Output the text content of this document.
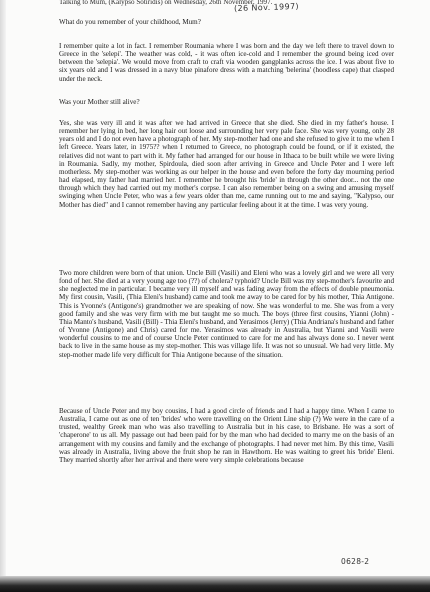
Talking to Mum, (Kalypso Sotiridis) on Wednesday, 26th November, 1997.
(26 Nov. 1997)
What do you remember of your childhood, Mum?

I remember quite a lot in fact. I remember Roumania where I was born and the day we left there to travel down to Greece in the 'selepi'. The weather was cold, - it was often ice-cold and I remember the ground being iced over between the 'selepia'. We would move from craft to craft via wooden gangplanks across the ice. I was about five to six years old and I was dressed in a navy blue pinafore dress with a matching 'belerina' (hoodless cape) that clasped under the neck.

Was your Mother still alive?

Yes, she was very ill and it was after we had arrived in Greece that she died. She died in my father's house. I remember her lying in bed, her long hair out loose and surrounding her very pale face. She was very young, only 28 years old and I do not even have a photograph of her. My step-mother had one and she refused to give it to me when I left Greece. Years later, in 1975?? when I returned to Greece, no photograph could be found, or if it existed, the relatives did not want to part with it. My father had arranged for our house in Ithaca to be built while we were living in Roumania. Sadly, my mother, Spirdoula, died soon after arriving in Greece and Uncle Peter and I were left motherless. My step-mother was working as our helper in the house and even before the forty day mourning period had elapsed, my father had married her. I remember he brought his 'bride' in through the other door... not the one through which they had carried out my mother's corpse. I can also remember being on a swing and amusing myself swinging when Uncle Peter, who was a few years older than me, came running out to me and saying, "Kalypso, our Mother has died" and I cannot remember having any particular feeling about it at the time. I was very young.

Two more children were born of that union. Uncle Bill (Vasili) and Eleni who was a lovely girl and we were all very fond of her. She died at a very young age too (??) of cholera? typhoid? Uncle Bill was my step-mother's favourite and she neglected me in particular. I became very ill myself and was fading away from the effects of double pneumonia. My first cousin, Vasili, (Thia Eleni's husband) came and took me away to be cared for by his mother, Thia Antigone. This is Yvonne's (Antigone's) grandmother we are speaking of now. She was wonderful to me. She was from a very good family and she was very firm with me but taught me so much. The boys (three first cousins, Yianni (John) - Thia Manto's husband, Vasili (Bill) - Thia Eleni's husband, and Yerasimos (Jerry) (Thia Andriana's husband and father of Yvonne (Antigone) and Chris) cared for me. Yerasimos was already in Australia, but Yianni and Vasili were wonderful cousins to me and of course Uncle Peter continued to care for me and has always done so. I never went back to live in the same house as my step-mother. This was village life. It was not so unusual. We had very little. My step-mother made life very difficult for Thia Antigone because of the situation.

Because of Uncle Peter and my boy cousins, I had a good circle of friends and I had a happy time. When I came to Australia, I came out as one of ten 'brides' who were travelling on the Orient Line ship (?) We were in the care of a trusted, wealthy Greek man who was also travelling to Australia but in his case, to Brisbane. He was a sort of 'chaperone' to us all. My passage out had been paid for by the man who had decided to marry me on the basis of an arrangement with my cousins and family and the exchange of photographs. I had never met him. By this time, Vasili was already in Australia, living above the fruit shop he ran in Hawthorn. He was waiting to greet his 'bride' Eleni. They married shortly after her arrival and there were very simple celebrations because

0628-2
